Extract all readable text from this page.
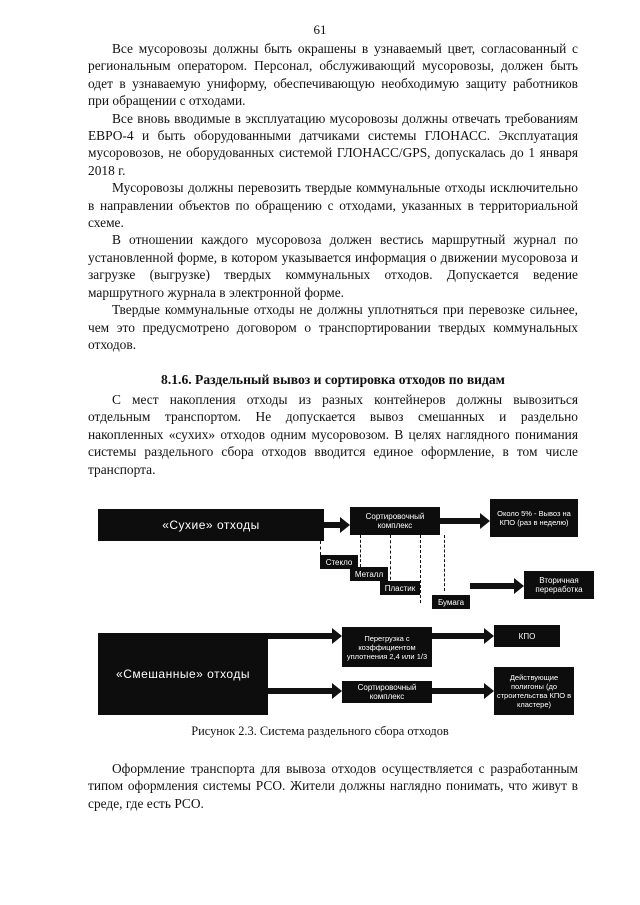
61

Все мусоровозы должны быть окрашены в узнаваемый цвет, согласованный с региональным оператором. Персонал, обслуживающий мусоровозы, должен быть одет в узнаваемую униформу, обеспечивающую необходимую защиту работников при обращении с отходами.

Все вновь вводимые в эксплуатацию мусоровозы должны отвечать требованиям ЕВРО-4 и быть оборудованными датчиками системы ГЛОНАСС. Эксплуатация мусоровозов, не оборудованных системой ГЛОНАСС/GPS, допускалась до 1 января 2018 г.

Мусоровозы должны перевозить твердые коммунальные отходы исключительно в направлении объектов по обращению с отходами, указанных в территориальной схеме.

В отношении каждого мусоровоза должен вестись маршрутный журнал по установленной форме, в котором указывается информация о движении мусоровоза и загрузке (выгрузке) твердых коммунальных отходов. Допускается ведение маршрутного журнала в электронной форме.

Твердые коммунальные отходы не должны уплотняться при перевозке сильнее, чем это предусмотрено договором о транспортировании твердых коммунальных отходов.

8.1.6. Раздельный вывоз и сортировка отходов по видам

С мест накопления отходы из разных контейнеров должны вывозиться отдельным транспортом. Не допускается вывоз смешанных и раздельно накопленных «сухих» отходов одним мусоровозом. В целях наглядного понимания системы раздельного сбора отходов вводится единое оформление, в том числе транспорта.

«Сухие» отходы
Сортировочный комплекс
Около 5% - Вывоз на КПО (раз в неделю)
Стекло
Металл
Пластик
Бумага
Вторичная переработка
«Смешанные» отходы
Перегрузка с коэффициентом уплотнения 2,4 или 1/3
КПО
Сортировочный комплекс
Действующие полигоны (до строительства КПО в кластере)
Рисунок 2.3. Система раздельного сбора отходов

Оформление транспорта для вывоза отходов осуществляется с разработанным типом оформления системы РСО. Жители должны наглядно понимать, что живут в среде, где есть РСО.
